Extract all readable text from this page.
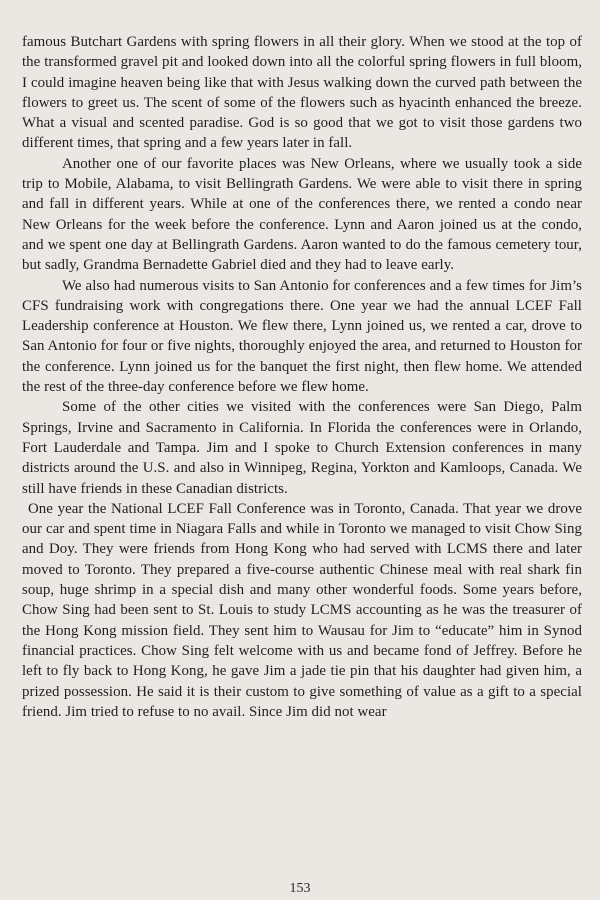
famous Butchart Gardens with spring flowers in all their glory. When we stood at the top of the transformed gravel pit and looked down into all the colorful spring flowers in full bloom, I could imagine heaven being like that with Jesus walking down the curved path between the flowers to greet us. The scent of some of the flowers such as hyacinth enhanced the breeze. What a visual and scented paradise. God is so good that we got to visit those gardens two different times, that spring and a few years later in fall.

Another one of our favorite places was New Orleans, where we usually took a side trip to Mobile, Alabama, to visit Bellingrath Gardens. We were able to visit there in spring and fall in different years. While at one of the conferences there, we rented a condo near New Orleans for the week before the conference. Lynn and Aaron joined us at the condo, and we spent one day at Bellingrath Gardens. Aaron wanted to do the famous cemetery tour, but sadly, Grandma Bernadette Gabriel died and they had to leave early.

We also had numerous visits to San Antonio for conferences and a few times for Jim’s CFS fundraising work with congregations there. One year we had the annual LCEF Fall Leadership conference at Houston. We flew there, Lynn joined us, we rented a car, drove to San Antonio for four or five nights, thoroughly enjoyed the area, and returned to Houston for the conference. Lynn joined us for the banquet the first night, then flew home. We attended the rest of the three-day conference before we flew home.

Some of the other cities we visited with the conferences were San Diego, Palm Springs, Irvine and Sacramento in California. In Florida the conferences were in Orlando, Fort Lauderdale and Tampa. Jim and I spoke to Church Extension conferences in many districts around the U.S. and also in Winnipeg, Regina, Yorkton and Kamloops, Canada. We still have friends in these Canadian districts.

One year the National LCEF Fall Conference was in Toronto, Canada. That year we drove our car and spent time in Niagara Falls and while in Toronto we managed to visit Chow Sing and Doy. They were friends from Hong Kong who had served with LCMS there and later moved to Toronto. They prepared a five-course authentic Chinese meal with real shark fin soup, huge shrimp in a special dish and many other wonderful foods. Some years before, Chow Sing had been sent to St. Louis to study LCMS accounting as he was the treasurer of the Hong Kong mission field. They sent him to Wausau for Jim to “educate” him in Synod financial practices. Chow Sing felt welcome with us and became fond of Jeffrey. Before he left to fly back to Hong Kong, he gave Jim a jade tie pin that his daughter had given him, a prized possession. He said it is their custom to give something of value as a gift to a special friend. Jim tried to refuse to no avail. Since Jim did not wear

153
